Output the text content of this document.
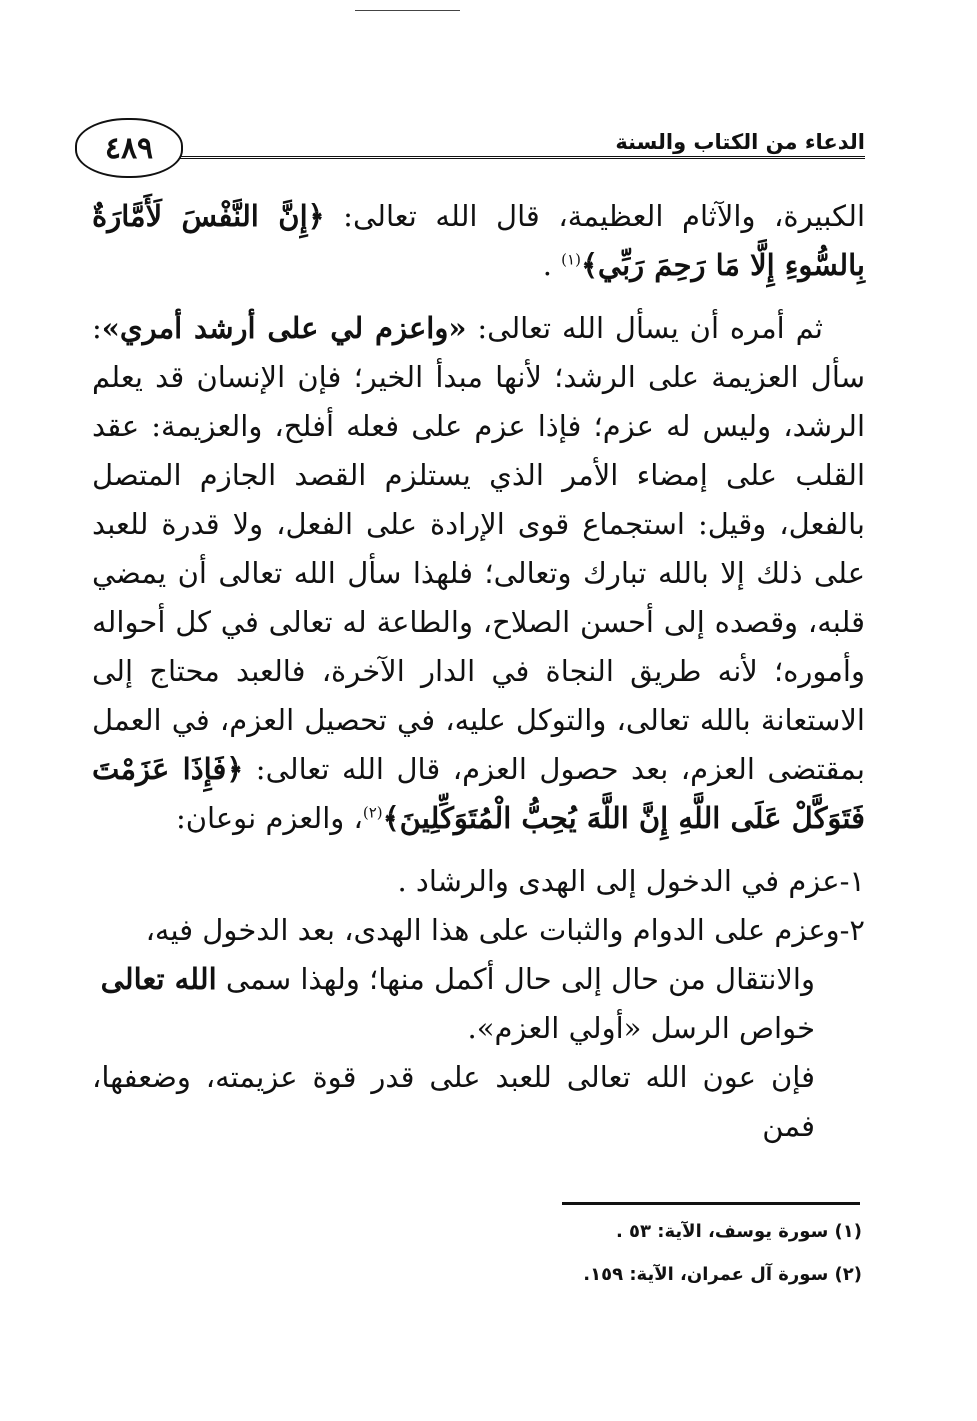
الدعاء من الكتاب والسنة
٤٨٩

الكبيرة، والآثام العظيمة، قال الله تعالى: ﴿إِنَّ النَّفْسَ لَأَمَّارَةٌ بِالسُّوءِ إِلَّا مَا رَحِمَ رَبِّي﴾$^{(١)}$ .

ثم أمره أن يسأل الله تعالى: «واعزم لي على أرشد أمري»: سأل العزيمة على الرشد؛ لأنها مبدأ الخير؛ فإن الإنسان قد يعلم الرشد، وليس له عزم؛ فإذا عزم على فعله أفلح، والعزيمة: عقد القلب على إمضاء الأمر الذي يستلزم القصد الجازم المتصل بالفعل، وقيل: استجماع قوى الإرادة على الفعل، ولا قدرة للعبد على ذلك إلا بالله تبارك وتعالى؛ فلهذا سأل الله تعالى أن يمضي قلبه، وقصده إلى أحسن الصلاح، والطاعة له تعالى في كل أحواله وأموره؛ لأنه طريق النجاة في الدار الآخرة، فالعبد محتاج إلى الاستعانة بالله تعالى، والتوكل عليه، في تحصيل العزم، في العمل بمقتضى العزم، بعد حصول العزم، قال الله تعالى: ﴿فَإِذَا عَزَمْتَ فَتَوَكَّلْ عَلَى اللَّهِ إِنَّ اللَّهَ يُحِبُّ الْمُتَوَكِّلِينَ﴾$^{(٢)}$، والعزم نوعان:

١-عزم في الدخول إلى الهدى والرشاد .

٢-وعزم على الدوام والثبات على هذا الهدى، بعد الدخول فيه،

والانتقال من حال إلى حال أكمل منها؛ ولهذا سمى الله تعالى

خواص الرسل «أولي العزم».

فإن عون الله تعالى للعبد على قدر قوة عزيمته، وضعفها، فمن

(١) سورة يوسف، الآية: ٥٣ .
(٢) سورة آل عمران، الآية: ١٥٩.
